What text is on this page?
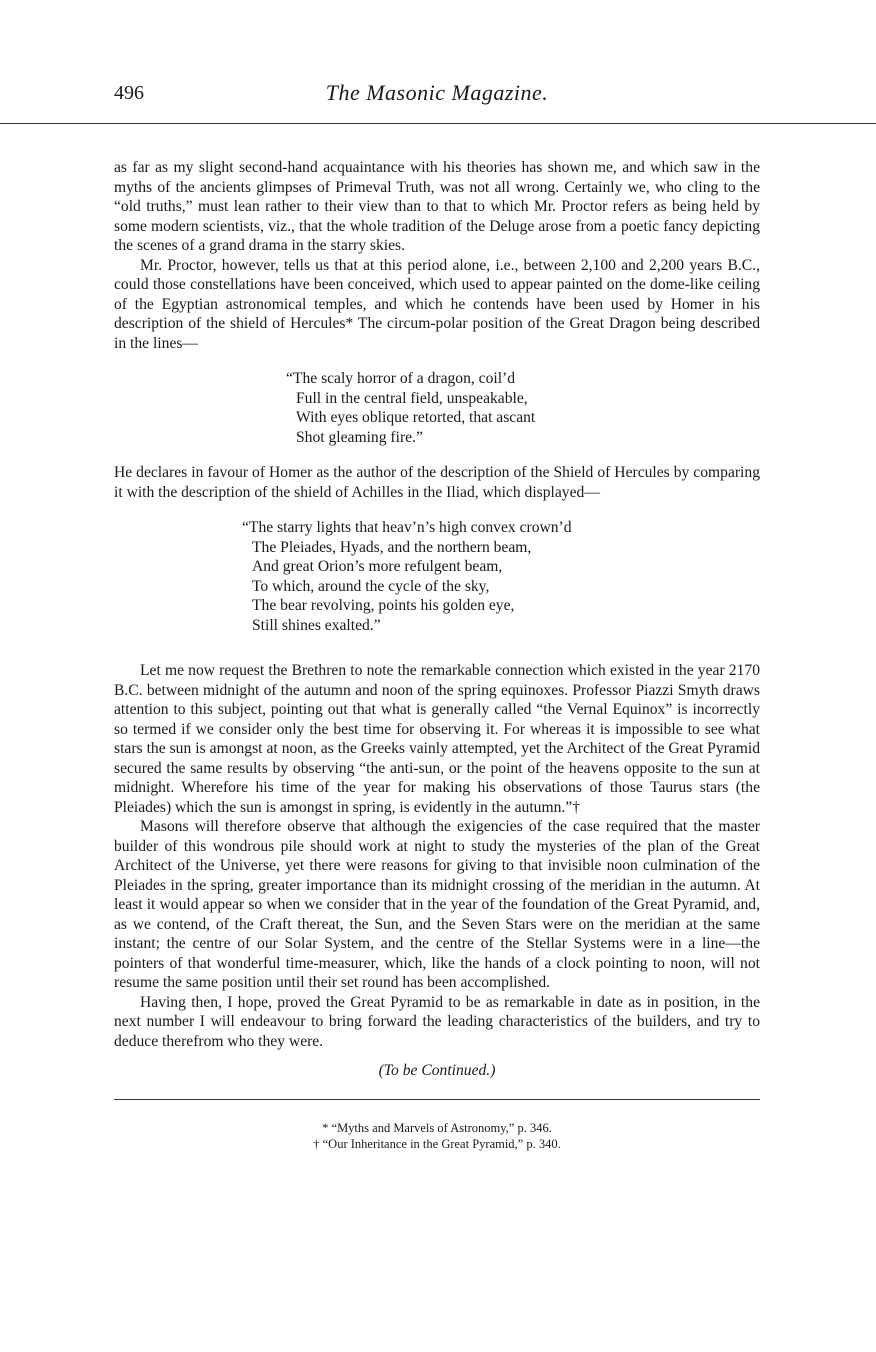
496	The Masonic Magazine.

as far as my slight second-hand acquaintance with his theories has shown me, and which saw in the myths of the ancients glimpses of Primeval Truth, was not all wrong. Certainly we, who cling to the “old truths,” must lean rather to their view than to that to which Mr. Proctor refers as being held by some modern scientists, viz., that the whole tradition of the Deluge arose from a poetic fancy depicting the scenes of a grand drama in the starry skies.

Mr. Proctor, however, tells us that at this period alone, i.e., between 2,100 and 2,200 years B.C., could those constellations have been conceived, which used to appear painted on the dome-like ceiling of the Egyptian astronomical temples, and which he contends have been used by Homer in his description of the shield of Hercules* The circum-polar position of the Great Dragon being described in the lines—

“The scaly horror of a dragon, coil’d
Full in the central field, unspeakable,
With eyes oblique retorted, that ascant
Shot gleaming fire.”

He declares in favour of Homer as the author of the description of the Shield of Hercules by comparing it with the description of the shield of Achilles in the Iliad, which displayed—

“The starry lights that heav’n’s high convex crown’d
The Pleiades, Hyads, and the northern beam,
And great Orion’s more refulgent beam,
To which, around the cycle of the sky,
The bear revolving, points his golden eye,
Still shines exalted.”

Let me now request the Brethren to note the remarkable connection which existed in the year 2170 B.C. between midnight of the autumn and noon of the spring equinoxes. Professor Piazzi Smyth draws attention to this subject, pointing out that what is generally called “the Vernal Equinox” is incorrectly so termed if we consider only the best time for observing it. For whereas it is impossible to see what stars the sun is amongst at noon, as the Greeks vainly attempted, yet the Architect of the Great Pyramid secured the same results by observing “the anti-sun, or the point of the heavens opposite to the sun at midnight. Wherefore his time of the year for making his observations of those Taurus stars (the Pleiades) which the sun is amongst in spring, is evidently in the autumn.”†

Masons will therefore observe that although the exigencies of the case required that the master builder of this wondrous pile should work at night to study the mysteries of the plan of the Great Architect of the Universe, yet there were reasons for giving to that invisible noon culmination of the Pleiades in the spring, greater importance than its midnight crossing of the meridian in the autumn. At least it would appear so when we consider that in the year of the foundation of the Great Pyramid, and, as we contend, of the Craft thereat, the Sun, and the Seven Stars were on the meridian at the same instant; the centre of our Solar System, and the centre of the Stellar Systems were in a line—the pointers of that wonderful time-measurer, which, like the hands of a clock pointing to noon, will not resume the same position until their set round has been accomplished.

Having then, I hope, proved the Great Pyramid to be as remarkable in date as in position, in the next number I will endeavour to bring forward the leading characteristics of the builders, and try to deduce therefrom who they were.

(To be Continued.)
* “Myths and Marvels of Astronomy,” p. 346.
† “Our Inheritance in the Great Pyramid,” p. 340.
